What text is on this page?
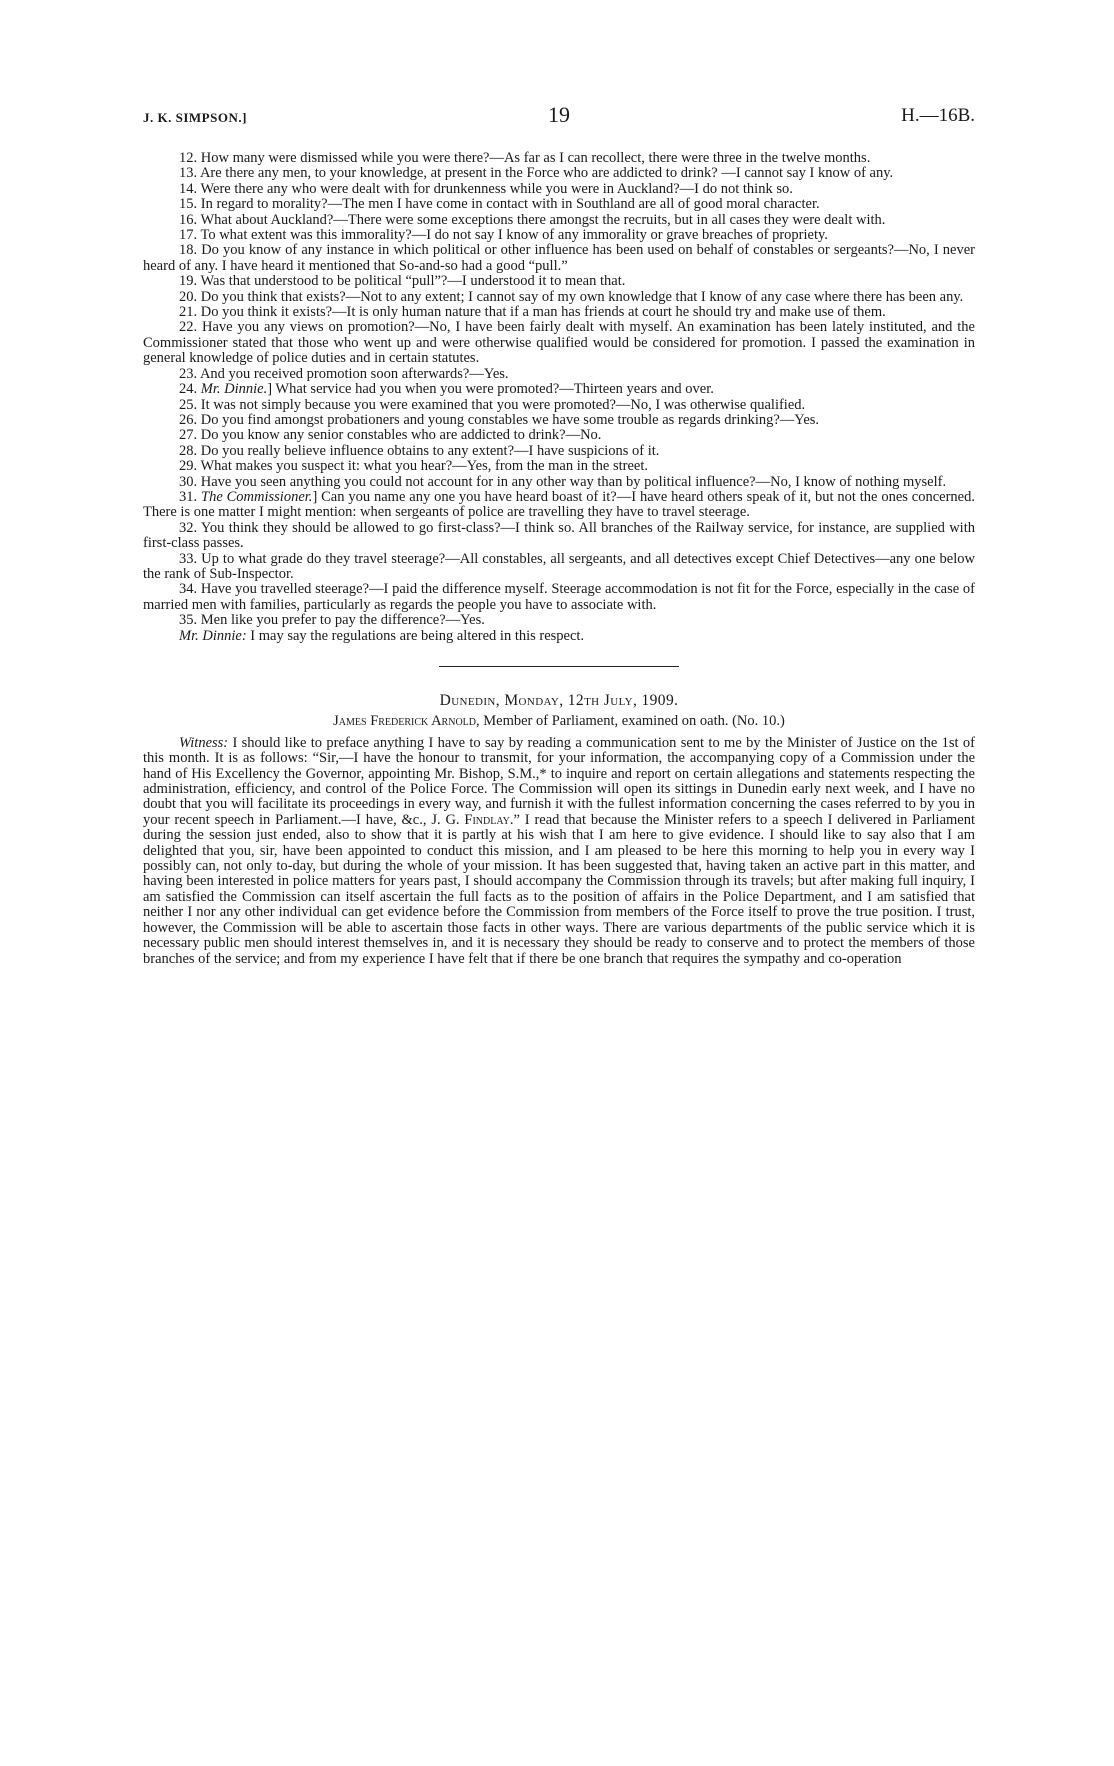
J. K. SIMPSON.]	19	H.—16B.

12. How many were dismissed while you were there?—As far as I can recollect, there were three in the twelve months.

13. Are there any men, to your knowledge, at present in the Force who are addicted to drink? —I cannot say I know of any.

14. Were there any who were dealt with for drunkenness while you were in Auckland?—I do not think so.

15. In regard to morality?—The men I have come in contact with in Southland are all of good moral character.

16. What about Auckland?—There were some exceptions there amongst the recruits, but in all cases they were dealt with.

17. To what extent was this immorality?—I do not say I know of any immorality or grave breaches of propriety.

18. Do you know of any instance in which political or other influence has been used on behalf of constables or sergeants?—No, I never heard of any. I have heard it mentioned that So-and-so had a good “pull.”

19. Was that understood to be political “pull”?—I understood it to mean that.

20. Do you think that exists?—Not to any extent; I cannot say of my own knowledge that I know of any case where there has been any.

21. Do you think it exists?—It is only human nature that if a man has friends at court he should try and make use of them.

22. Have you any views on promotion?—No, I have been fairly dealt with myself. An examination has been lately instituted, and the Commissioner stated that those who went up and were otherwise qualified would be considered for promotion. I passed the examination in general knowledge of police duties and in certain statutes.

23. And you received promotion soon afterwards?—Yes.

24. Mr. Dinnie.] What service had you when you were promoted?—Thirteen years and over.

25. It was not simply because you were examined that you were promoted?—No, I was otherwise qualified.

26. Do you find amongst probationers and young constables we have some trouble as regards drinking?—Yes.

27. Do you know any senior constables who are addicted to drink?—No.

28. Do you really believe influence obtains to any extent?—I have suspicions of it.

29. What makes you suspect it: what you hear?—Yes, from the man in the street.

30. Have you seen anything you could not account for in any other way than by political influence?—No, I know of nothing myself.

31. The Commissioner.] Can you name any one you have heard boast of it?—I have heard others speak of it, but not the ones concerned. There is one matter I might mention: when sergeants of police are travelling they have to travel steerage.

32. You think they should be allowed to go first-class?—I think so. All branches of the Railway service, for instance, are supplied with first-class passes.

33. Up to what grade do they travel steerage?—All constables, all sergeants, and all detectives except Chief Detectives—any one below the rank of Sub-Inspector.

34. Have you travelled steerage?—I paid the difference myself. Steerage accommodation is not fit for the Force, especially in the case of married men with families, particularly as regards the people you have to associate with.

35. Men like you prefer to pay the difference?—Yes.

Mr. Dinnie: I may say the regulations are being altered in this respect.

Dunedin, Monday, 12th July, 1909.
James Frederick Arnold, Member of Parliament, examined on oath. (No. 10.)

Witness: I should like to preface anything I have to say by reading a communication sent to me by the Minister of Justice on the 1st of this month. It is as follows: “Sir,—I have the honour to transmit, for your information, the accompanying copy of a Commission under the hand of His Excellency the Governor, appointing Mr. Bishop, S.M.,* to inquire and report on certain allegations and statements respecting the administration, efficiency, and control of the Police Force. The Commission will open its sittings in Dunedin early next week, and I have no doubt that you will facilitate its proceedings in every way, and furnish it with the fullest information concerning the cases referred to by you in your recent speech in Parliament.—I have, &c., J. G. Findlay.” I read that because the Minister refers to a speech I delivered in Parliament during the session just ended, also to show that it is partly at his wish that I am here to give evidence. I should like to say also that I am delighted that you, sir, have been appointed to conduct this mission, and I am pleased to be here this morning to help you in every way I possibly can, not only to-day, but during the whole of your mission. It has been suggested that, having taken an active part in this matter, and having been interested in police matters for years past, I should accompany the Commission through its travels; but after making full inquiry, I am satisfied the Commission can itself ascertain the full facts as to the position of affairs in the Police Department, and I am satisfied that neither I nor any other individual can get evidence before the Commission from members of the Force itself to prove the true position. I trust, however, the Commission will be able to ascertain those facts in other ways. There are various departments of the public service which it is necessary public men should interest themselves in, and it is necessary they should be ready to conserve and to protect the members of those branches of the service; and from my experience I have felt that if there be one branch that requires the sympathy and co-operation
